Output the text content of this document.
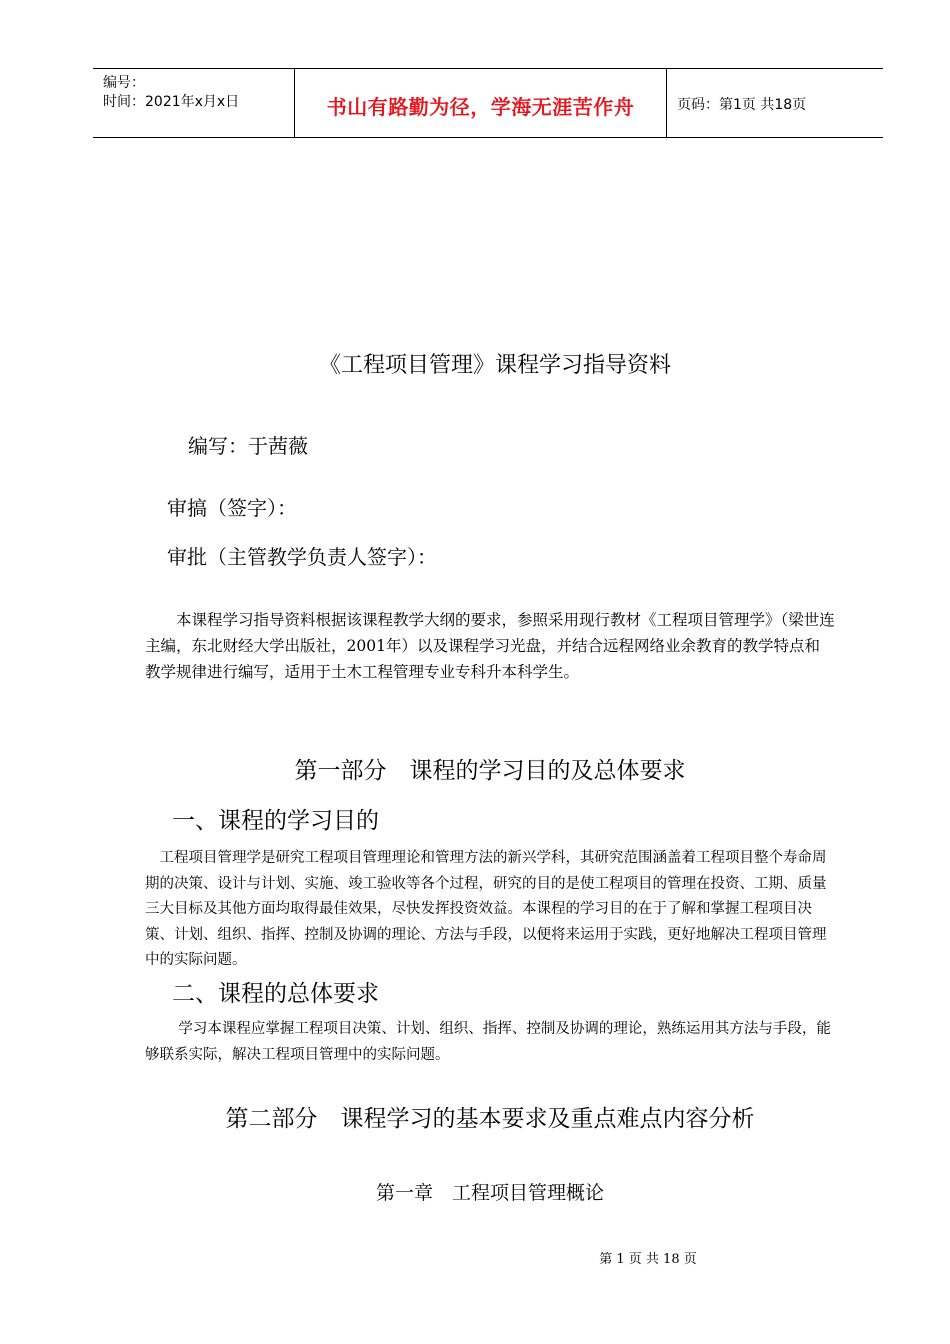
编号：
时间：2021年x月x日	书山有路勤为径，学海无涯苦作舟	页码：第1页 共18页
《工程项目管理》课程学习指导资料
编写：于茜薇
审搞（签字）：
审批（主管教学负责人签字）：
本课程学习指导资料根据该课程教学大纲的要求，参照采用现行教材《工程项目管理学》（梁世连主编，东北财经大学出版社，2001年）以及课程学习光盘，并结合远程网络业余教育的教学特点和教学规律进行编写，适用于土木工程管理专业专科升本科学生。
第一部分　课程的学习目的及总体要求
一、课程的学习目的
工程项目管理学是研究工程项目管理理论和管理方法的新兴学科，其研究范围涵盖着工程项目整个寿命周期的决策、设计与计划、实施、竣工验收等各个过程，研究的目的是使工程项目的管理在投资、工期、质量三大目标及其他方面均取得最佳效果，尽快发挥投资效益。本课程的学习目的在于了解和掌握工程项目决策、计划、组织、指挥、控制及协调的理论、方法与手段，以便将来运用于实践，更好地解决工程项目管理中的实际问题。
二、课程的总体要求
学习本课程应掌握工程项目决策、计划、组织、指挥、控制及协调的理论，熟练运用其方法与手段，能够联系实际，解决工程项目管理中的实际问题。
第二部分　课程学习的基本要求及重点难点内容分析
第一章　工程项目管理概论
第 1 页 共 18 页
